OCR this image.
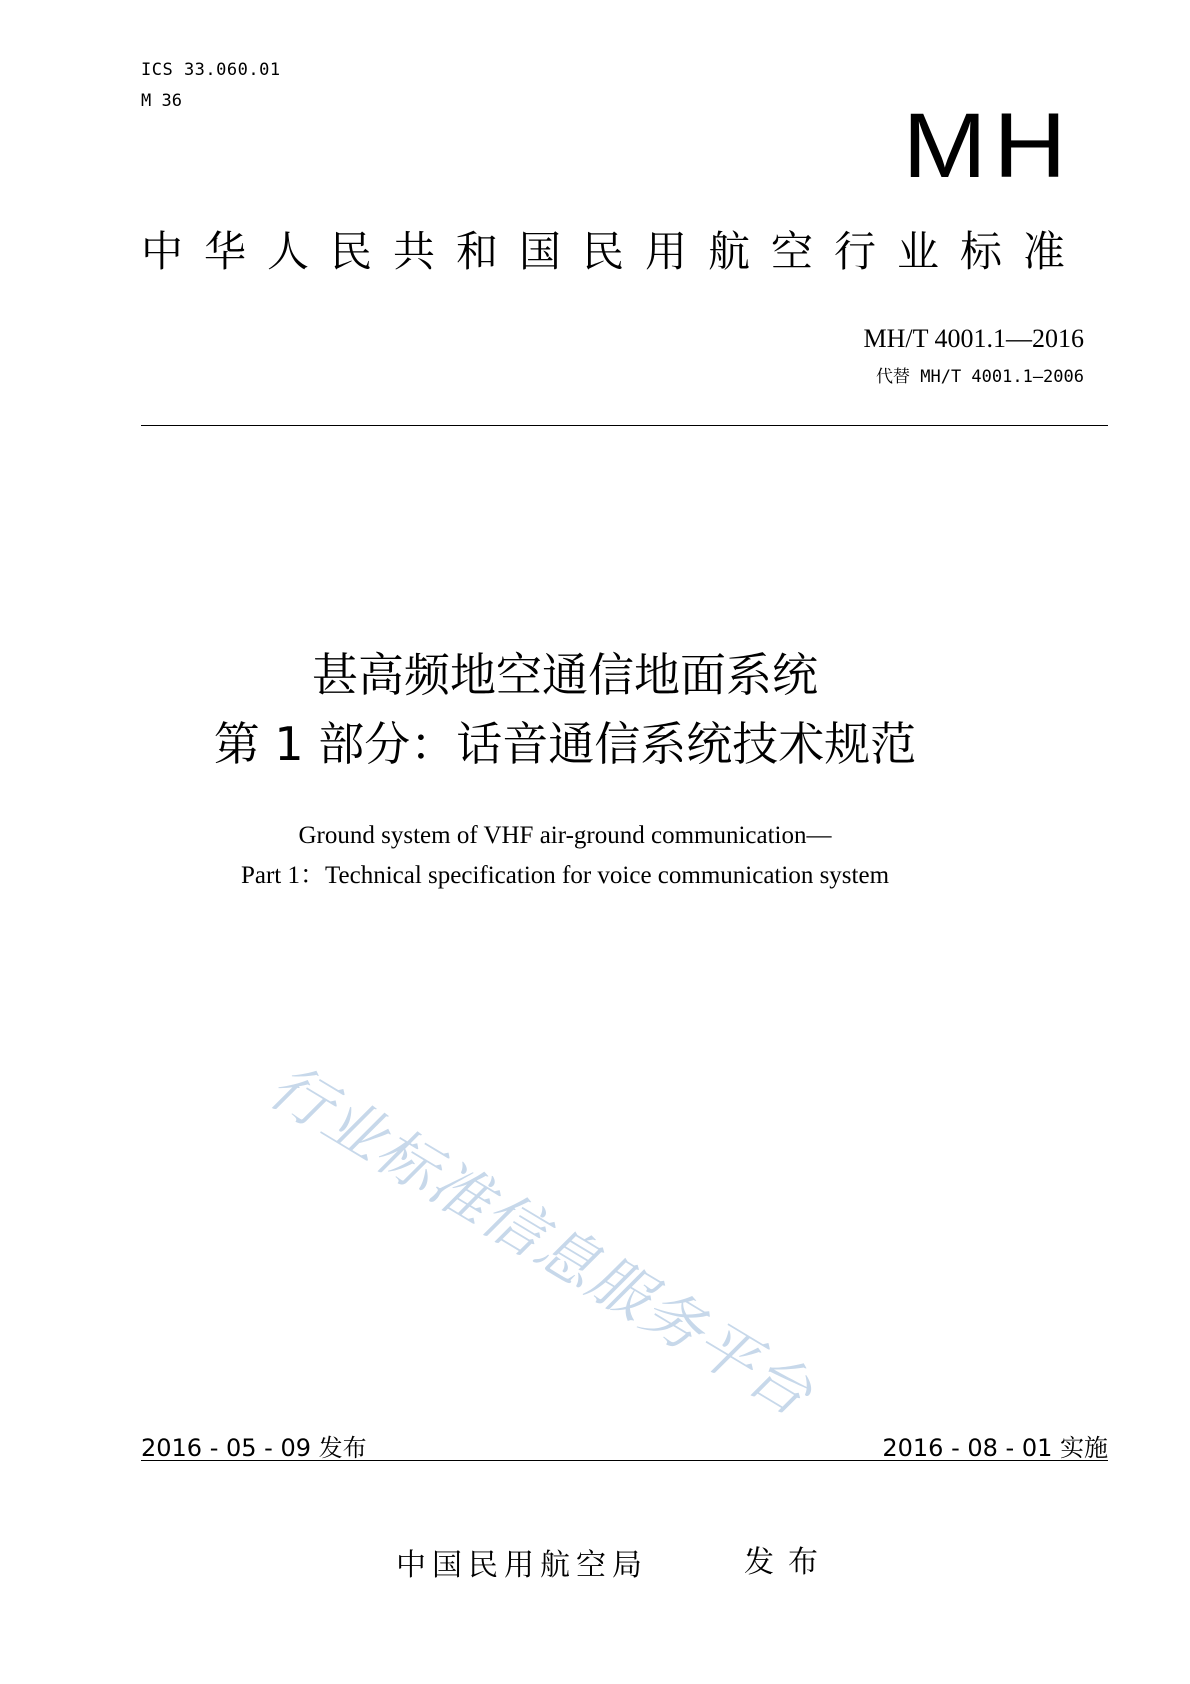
ICS 33.060.01
M 36	MH
中华人民共和国民用航空行业标准
MH/T 4001.1—2016
代替 MH/T 4001.1—2006
甚高频地空通信地面系统
第 1 部分：话音通信系统技术规范
Ground system of VHF air-ground communication—
Part 1：Technical specification for voice communication system
行业标准信息服务平台
2016 - 05 - 09 发布	2016 - 08 - 01 实施
中国民用航空局	发布
